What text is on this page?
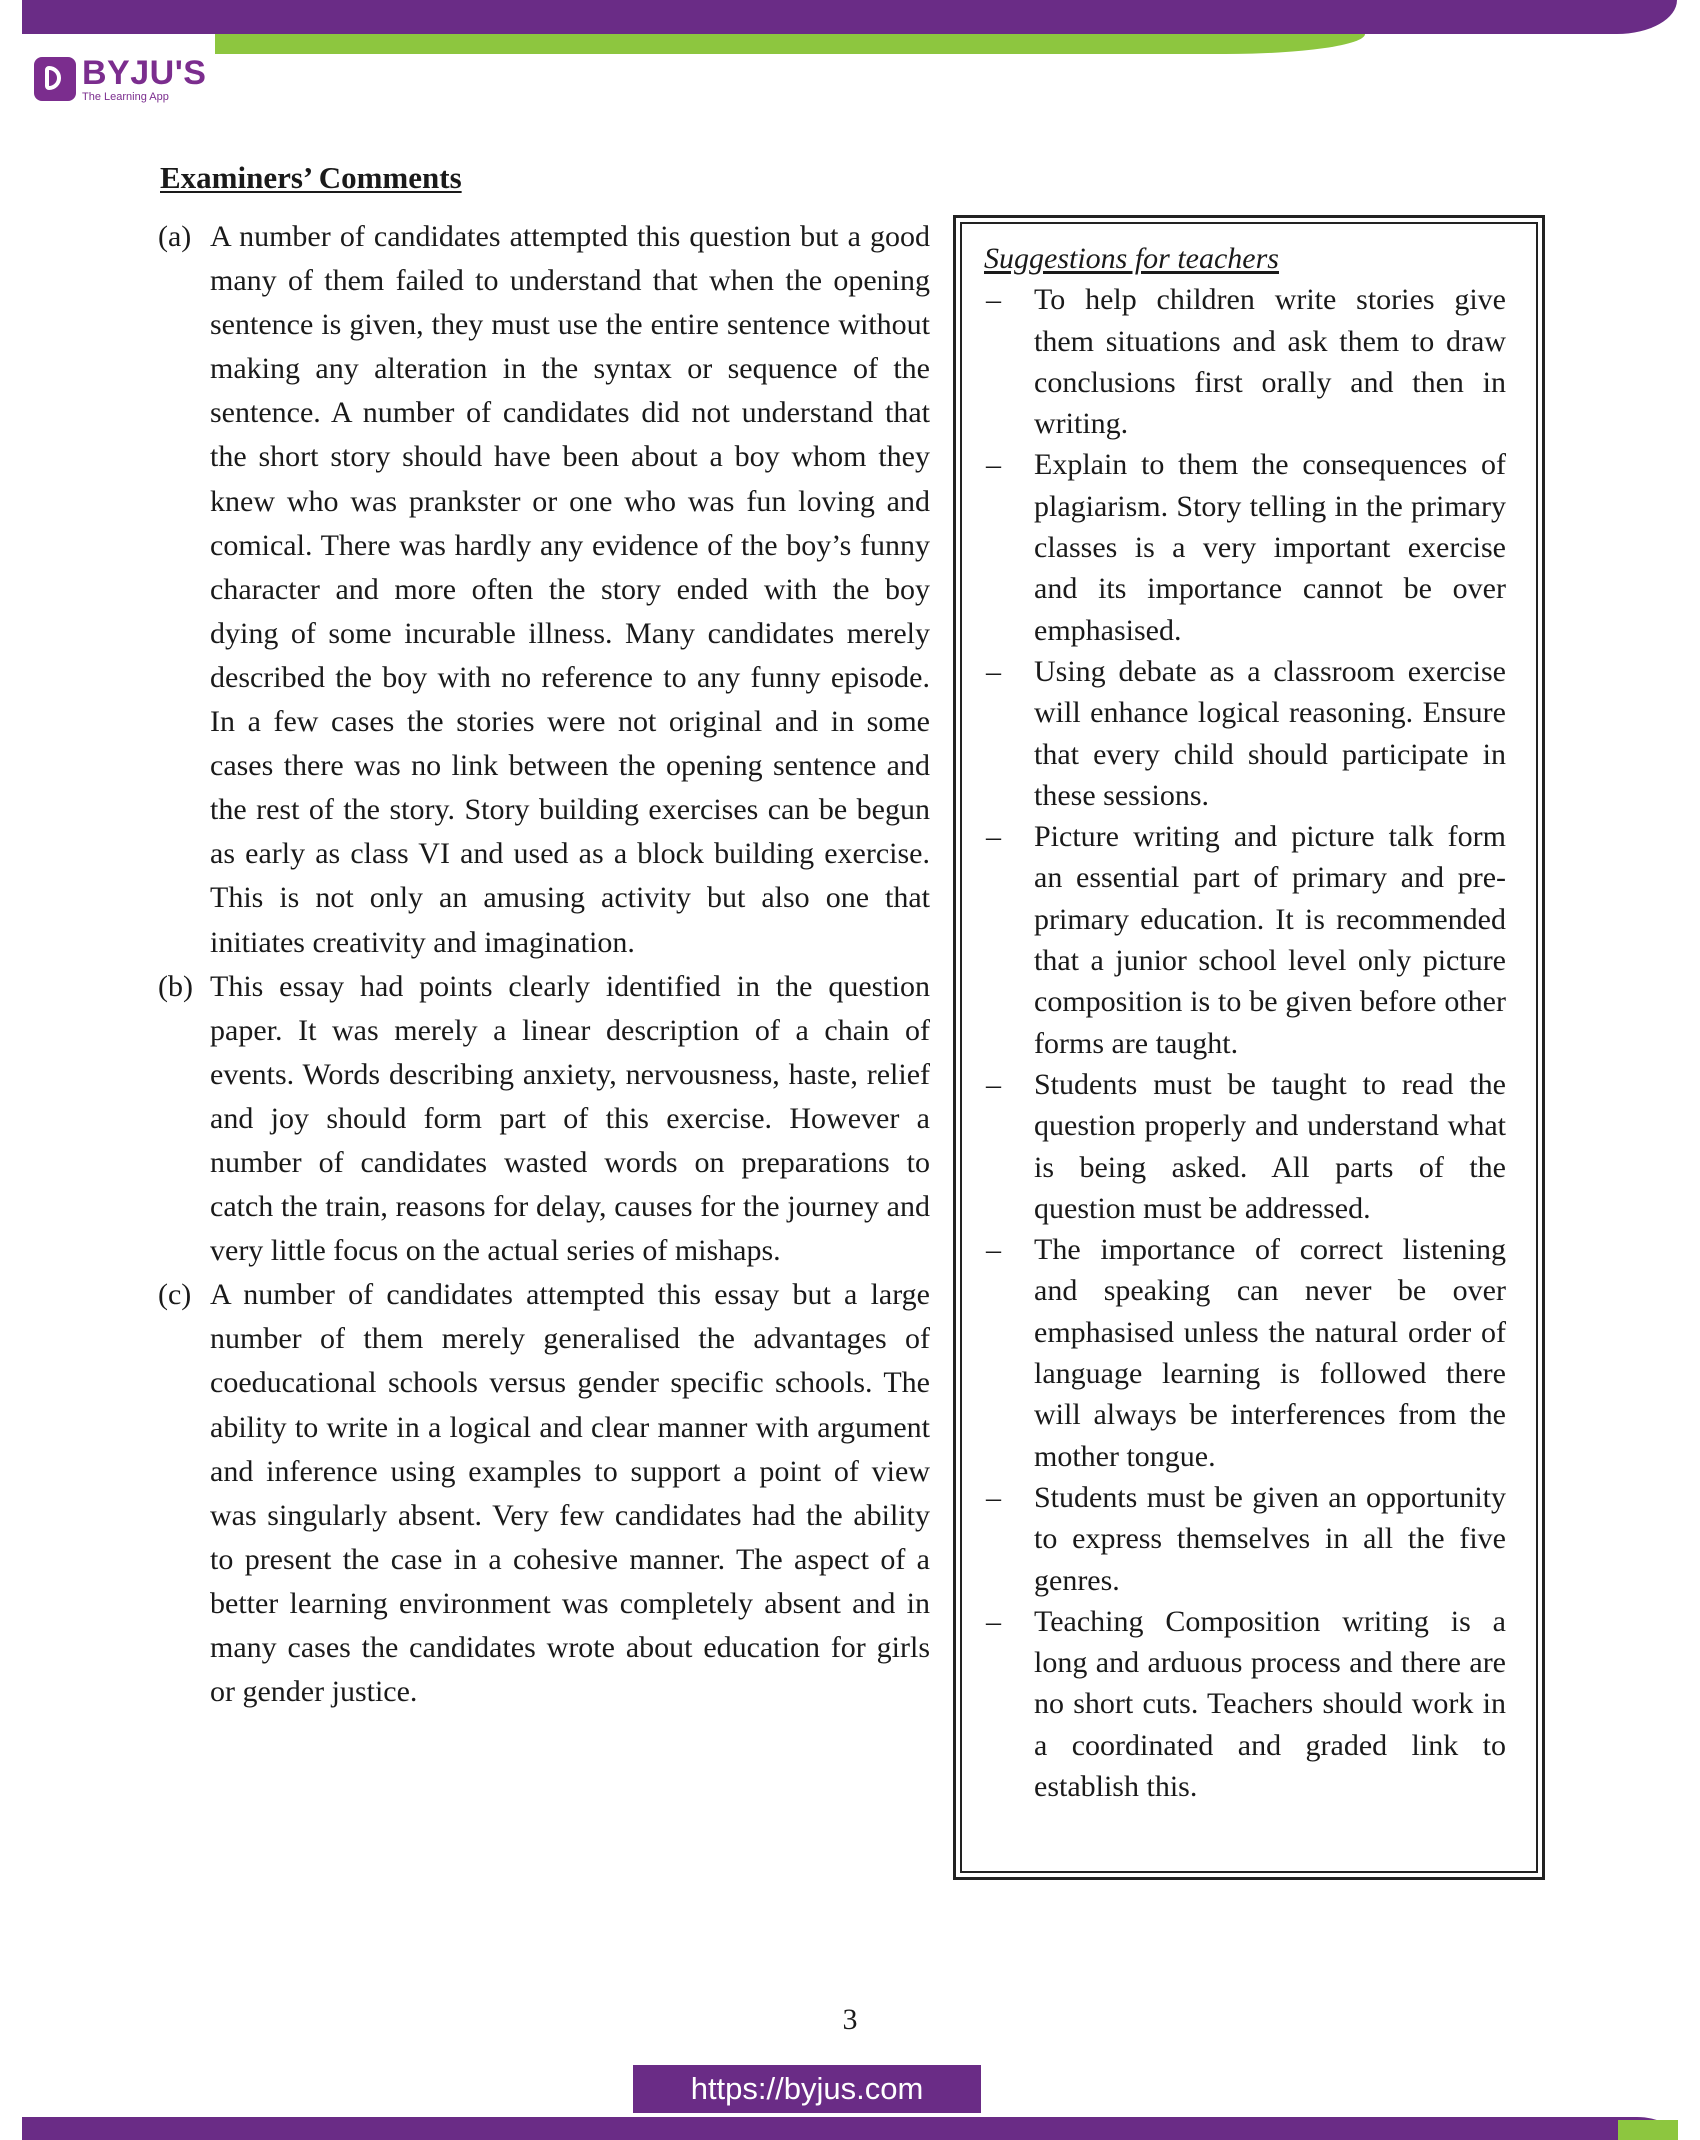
BYJU'S
The Learning App
Examiners’ Comments

(a) A number of candidates attempted this question but a good many of them failed to understand that when the opening sentence is given, they must use the entire sentence without making any alteration in the syntax or sequence of the sentence. A number of candidates did not understand that the short story should have been about a boy whom they knew who was prankster or one who was fun loving and comical. There was hardly any evidence of the boy’s funny character and more often the story ended with the boy dying of some incurable illness. Many candidates merely described the boy with no reference to any funny episode. In a few cases the stories were not original and in some cases there was no link between the opening sentence and the rest of the story. Story building exercises can be begun as early as class VI and used as a block building exercise. This is not only an amusing activity but also one that initiates creativity and imagination.

(b) This essay had points clearly identified in the question paper. It was merely a linear description of a chain of events. Words describing anxiety, nervousness, haste, relief and joy should form part of this exercise. However a number of candidates wasted words on preparations to catch the train, reasons for delay, causes for the journey and very little focus on the actual series of mishaps.

(c) A number of candidates attempted this essay but a large number of them merely generalised the advantages of coeducational schools versus gender specific schools. The ability to write in a logical and clear manner with argument and inference using examples to support a point of view was singularly absent. Very few candidates had the ability to present the case in a cohesive manner. The aspect of a better learning environment was completely absent and in many cases the candidates wrote about education for girls or gender justice.

Suggestions for teachers

– To help children write stories give them situations and ask them to draw conclusions first orally and then in writing.

– Explain to them the consequences of plagiarism. Story telling in the primary classes is a very important exercise and its importance cannot be over emphasised.

– Using debate as a classroom exercise will enhance logical reasoning. Ensure that every child should participate in these sessions.

– Picture writing and picture talk form an essential part of primary and pre-primary education. It is recommended that a junior school level only picture composition is to be given before other forms are taught.

– Students must be taught to read the question properly and understand what is being asked. All parts of the question must be addressed.

– The importance of correct listening and speaking can never be over emphasised unless the natural order of language learning is followed there will always be interferences from the mother tongue.

– Students must be given an opportunity to express themselves in all the five genres.

– Teaching Composition writing is a long and arduous process and there are no short cuts. Teachers should work in a coordinated and graded link to establish this.

3
https://byjus.com
